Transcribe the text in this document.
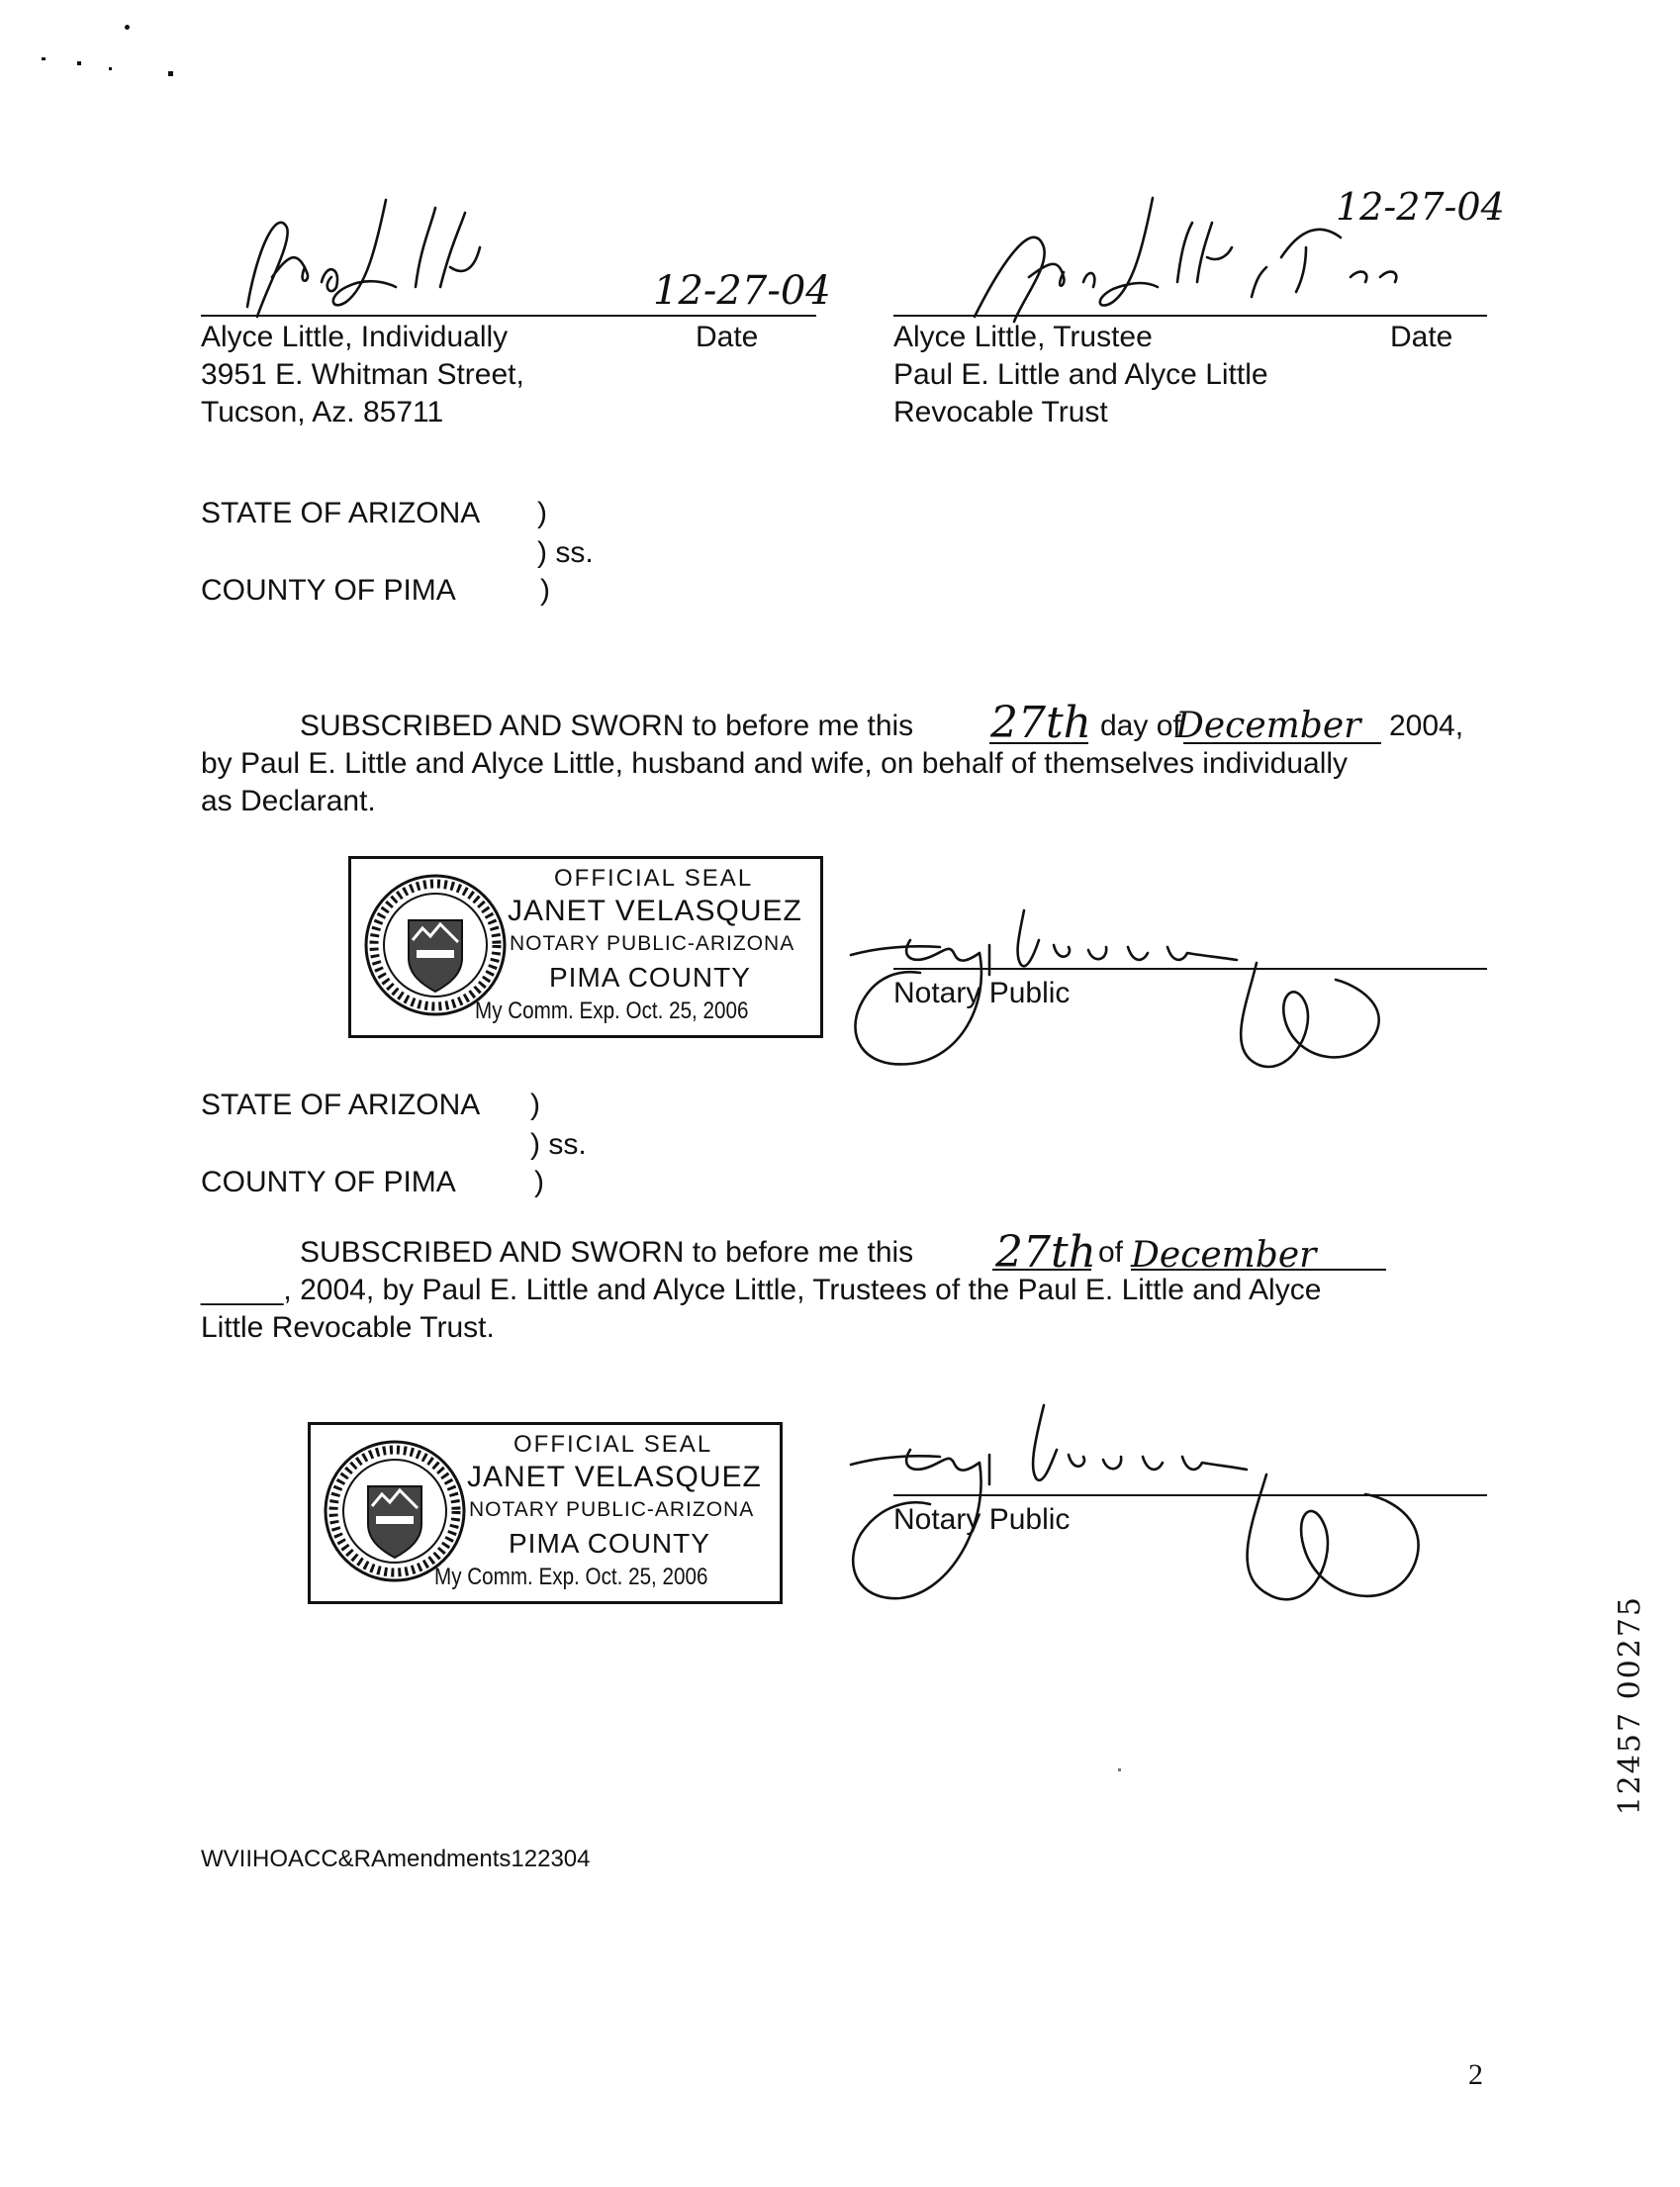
12-27-04
Alyce Little, Individually	Date
3951 E. Whitman Street,
Tucson, Az. 85711
12-27-04
Alyce Little, Trustee	Date
Paul E. Little and Alyce Little
Revocable Trust
STATE OF ARIZONA )
) ss.
COUNTY OF PIMA	)
SUBSCRIBED AND SWORN to before me this	day of	2004,
27th December
by Paul E. Little and Alyce Little, husband and wife, on behalf of themselves individually
as Declarant.
OFFICIAL SEAL
JANET VELASQUEZ
NOTARY PUBLIC-ARIZONA
PIMA COUNTY
My Comm. Exp. Oct. 25, 2006
Notary Public
STATE OF ARIZONA )
) ss.
COUNTY OF PIMA	)
SUBSCRIBED AND SWORN to before me this	of
27th December
_____, 2004, by Paul E. Little and Alyce Little, Trustees of the Paul E. Little and Alyce
Little Revocable Trust.
OFFICIAL SEAL
JANET VELASQUEZ
NOTARY PUBLIC-ARIZONA
PIMA COUNTY
My Comm. Exp. Oct. 25, 2006
Notary Public
12457 00275
WVIIHOACC&RAmendments122304
2
